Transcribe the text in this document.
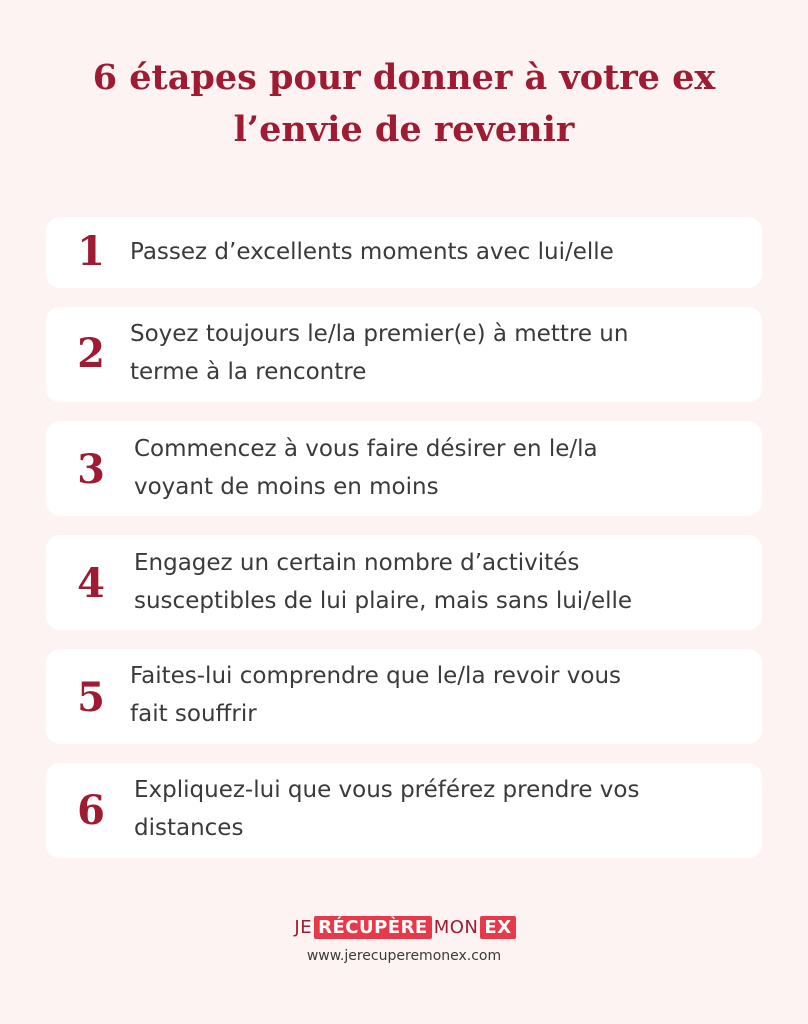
6 étapes pour donner à votre ex
l’envie de revenir
1	Passez d’excellents moments avec lui/elle
2	Soyez toujours le/la premier(e) à mettre un
terme à la rencontre
3	Commencez à vous faire désirer en le/la
voyant de moins en moins
4	Engagez un certain nombre d’activités
susceptibles de lui plaire, mais sans lui/elle
5	Faites-lui comprendre que le/la revoir vous
fait souffrir
6	Expliquez-lui que vous préférez prendre vos
distances
JE RÉCUPÈRE MON EX
www.jerecuperemonex.com
